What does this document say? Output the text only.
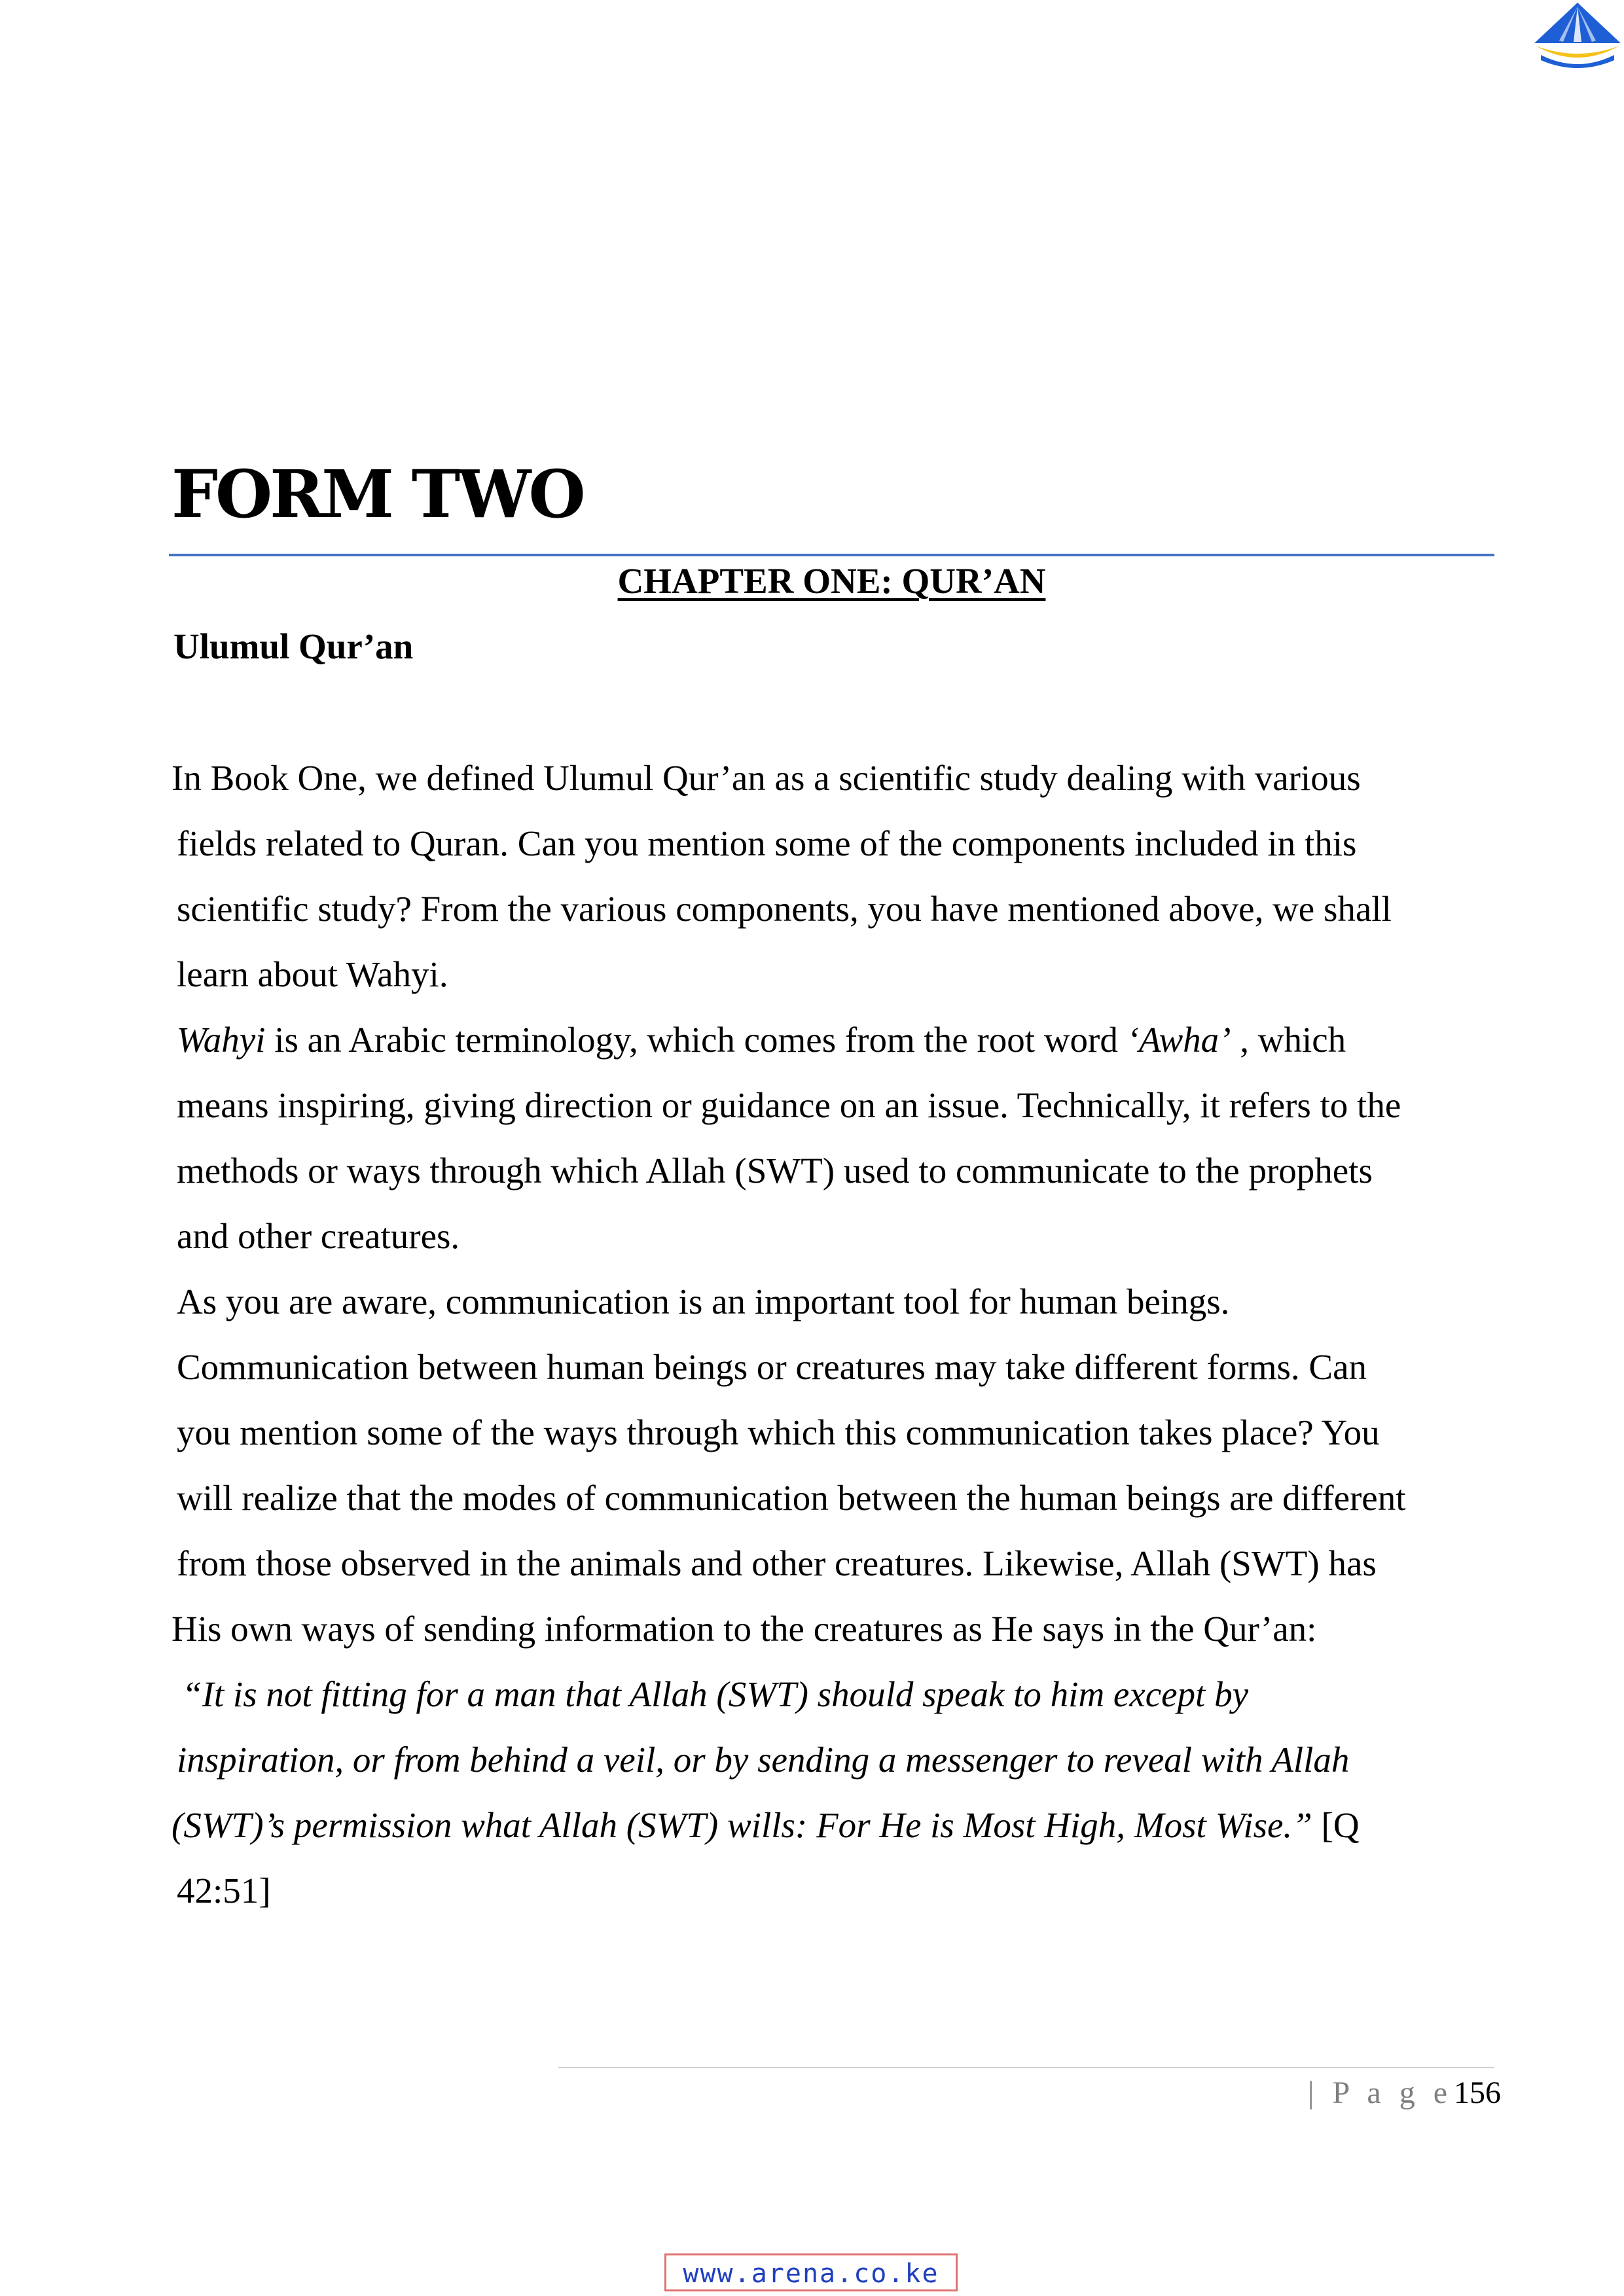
FORM TWO
CHAPTER ONE: QUR’AN
Ulumul Qur’an
In Book One, we defined Ulumul Qur’an as a scientific study dealing with various
fields related to Quran. Can you mention some of the components included in this
scientific study? From the various components, you have mentioned above, we shall
learn about Wahyi.
Wahyi is an Arabic terminology, which comes from the root word ‘Awha’ , which
means inspiring, giving direction or guidance on an issue. Technically, it refers to the
methods or ways through which Allah (SWT) used to communicate to the prophets
and other creatures.
As you are aware, communication is an important tool for human beings.
Communication between human beings or creatures may take different forms. Can
you mention some of the ways through which this communication takes place? You
will realize that the modes of communication between the human beings are different
from those observed in the animals and other creatures. Likewise, Allah (SWT) has
His own ways of sending information to the creatures as He says in the Qur’an:
“It is not fitting for a man that Allah (SWT) should speak to him except by
inspiration, or from behind a veil, or by sending a messenger to reveal with Allah
(SWT)’s permission what Allah (SWT) wills: For He is Most High, Most Wise.” [Q
42:51]
| P a g e156
www.arena.co.ke
